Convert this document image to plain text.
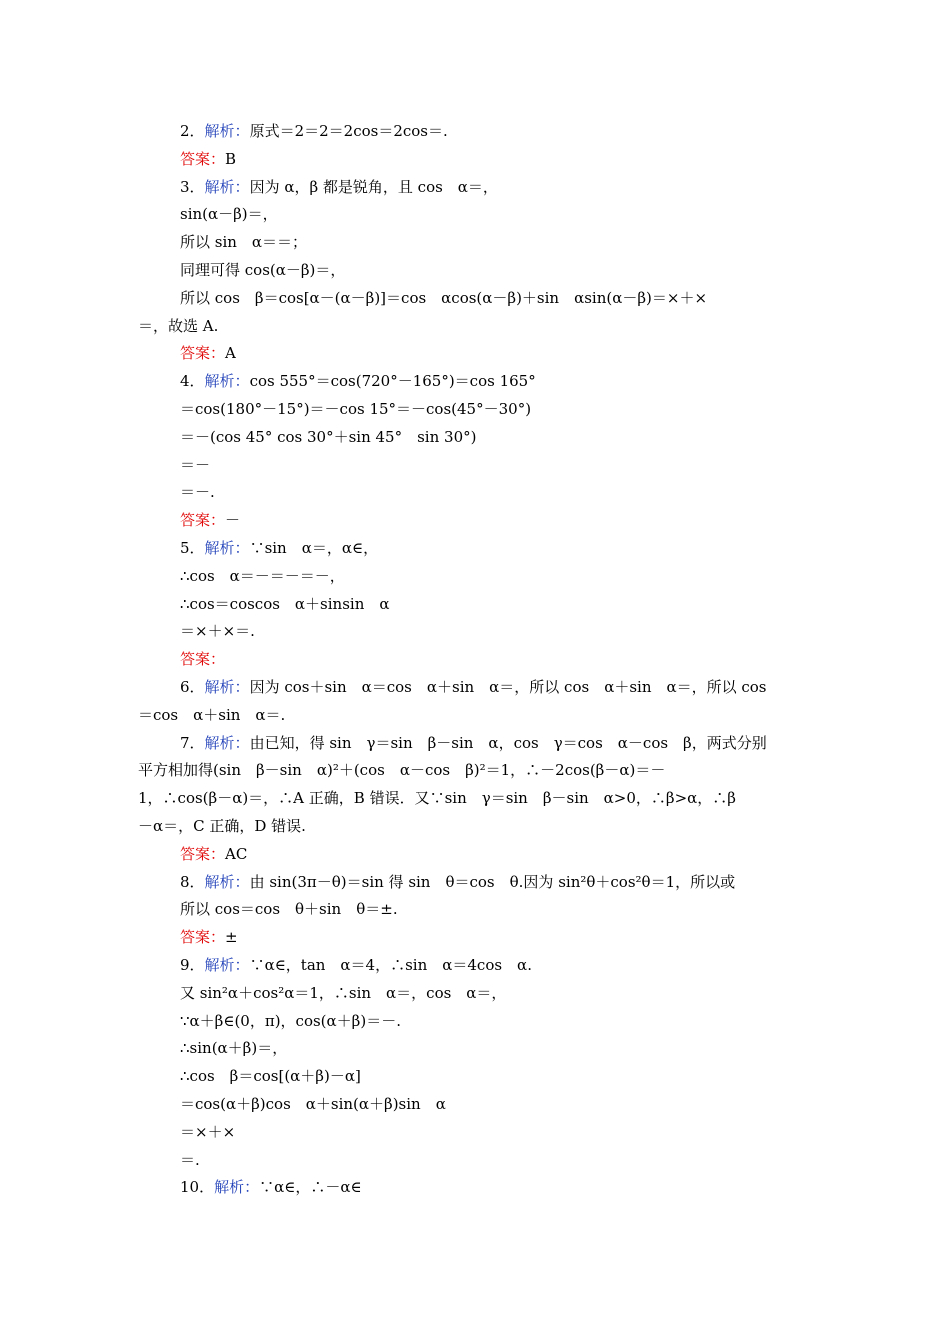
2．解析：原式＝2＝2＝2cos＝2cos＝.
答案：B
3．解析：因为 α，β 都是锐角，且 cos　α＝，
sin(α－β)＝，
所以 sin　α＝＝；
同理可得 cos(α－β)＝，
所以 cos　β＝cos[α－(α－β)]＝cos　αcos(α－β)＋sin　αsin(α－β)＝×＋×
＝，故选 A.
答案：A
4．解析：cos 555°＝cos(720°－165°)＝cos 165°
＝cos(180°－15°)＝－cos 15°＝－cos(45°－30°)
＝－(cos 45° cos 30°＋sin 45°　sin 30°)
＝－
＝－.
答案：－
5．解析：∵sin　α＝，α∈，
∴cos　α＝－＝－＝－，
∴cos＝coscos　α＋sinsin　α
＝×＋×＝.
答案：
6．解析：因为 cos＋sin　α＝cos　α＋sin　α＝，所以 cos　α＋sin　α＝，所以 cos
＝cos　α＋sin　α＝.
7．解析：由已知，得 sin　γ＝sin　β－sin　α，cos　γ＝cos　α－cos　β，两式分别
平方相加得(sin　β－sin　α)²＋(cos　α－cos　β)²＝1，∴－2cos(β－α)＝－
1，∴cos(β－α)＝，∴A 正确，B 错误．又∵sin　γ＝sin　β－sin　α>0，∴β>α，∴β
－α＝，C 正确，D 错误.
答案：AC
8．解析：由 sin(3π－θ)＝sin 得 sin　θ＝cos　θ.因为 sin²θ＋cos²θ＝1，所以或
所以 cos＝cos　θ＋sin　θ＝±.
答案：±
9．解析：∵α∈，tan　α＝4，∴sin　α＝4cos　α.
又 sin²α＋cos²α＝1，∴sin　α＝，cos　α＝，
∵α＋β∈(0，π)，cos(α＋β)＝－.
∴sin(α＋β)＝，
∴cos　β＝cos[(α＋β)－α]
＝cos(α＋β)cos　α＋sin(α＋β)sin　α
＝×＋×
＝.
10．解析：∵α∈，∴－α∈
